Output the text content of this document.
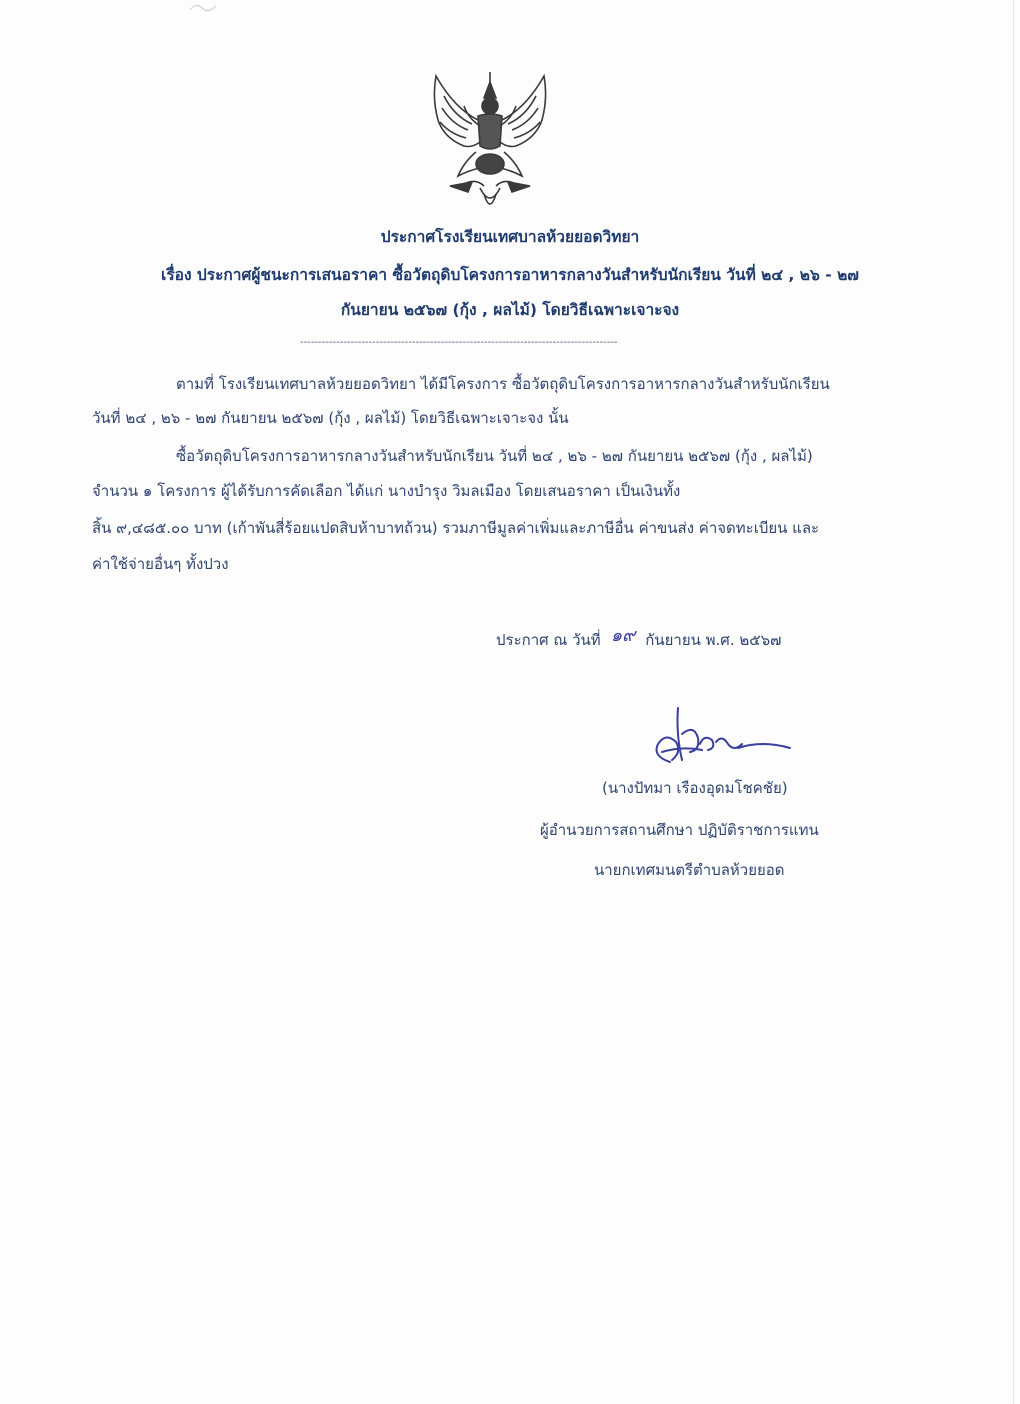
ประกาศโรงเรียนเทศบาลห้วยยอดวิทยา
เรื่อง ประกาศผู้ชนะการเสนอราคา ซื้อวัตถุดิบโครงการอาหารกลางวันสำหรับนักเรียน วันที่ ๒๔ , ๒๖ - ๒๗
กันยายน ๒๕๖๗ (กุ้ง , ผลไม้) โดยวิธีเฉพาะเจาะจง
----------------------------------------------------------------------------------------
ตามที่ โรงเรียนเทศบาลห้วยยอดวิทยา ได้มีโครงการ ซื้อวัตถุดิบโครงการอาหารกลางวันสำหรับนักเรียน
วันที่ ๒๔ , ๒๖ - ๒๗ กันยายน ๒๕๖๗ (กุ้ง , ผลไม้) โดยวิธีเฉพาะเจาะจง นั้น
ซื้อวัตถุดิบโครงการอาหารกลางวันสำหรับนักเรียน วันที่ ๒๔ , ๒๖ - ๒๗ กันยายน ๒๕๖๗ (กุ้ง , ผลไม้)
จำนวน ๑ โครงการ ผู้ได้รับการคัดเลือก ได้แก่ นางบำรุง วิมลเมือง โดยเสนอราคา เป็นเงินทั้ง
สิ้น ๙,๔๘๕.๐๐ บาท (เก้าพันสี่ร้อยแปดสิบห้าบาทถ้วน) รวมภาษีมูลค่าเพิ่มและภาษีอื่น ค่าขนส่ง ค่าจดทะเบียน และ
ค่าใช้จ่ายอื่นๆ ทั้งปวง
ประกาศ ณ วันที่ ๑๙ กันยายน พ.ศ. ๒๕๖๗
(นางปัทมา เรืองอุดมโชคชัย)
ผู้อำนวยการสถานศึกษา ปฏิบัติราชการแทน
นายกเทศมนตรีตำบลห้วยยอด
